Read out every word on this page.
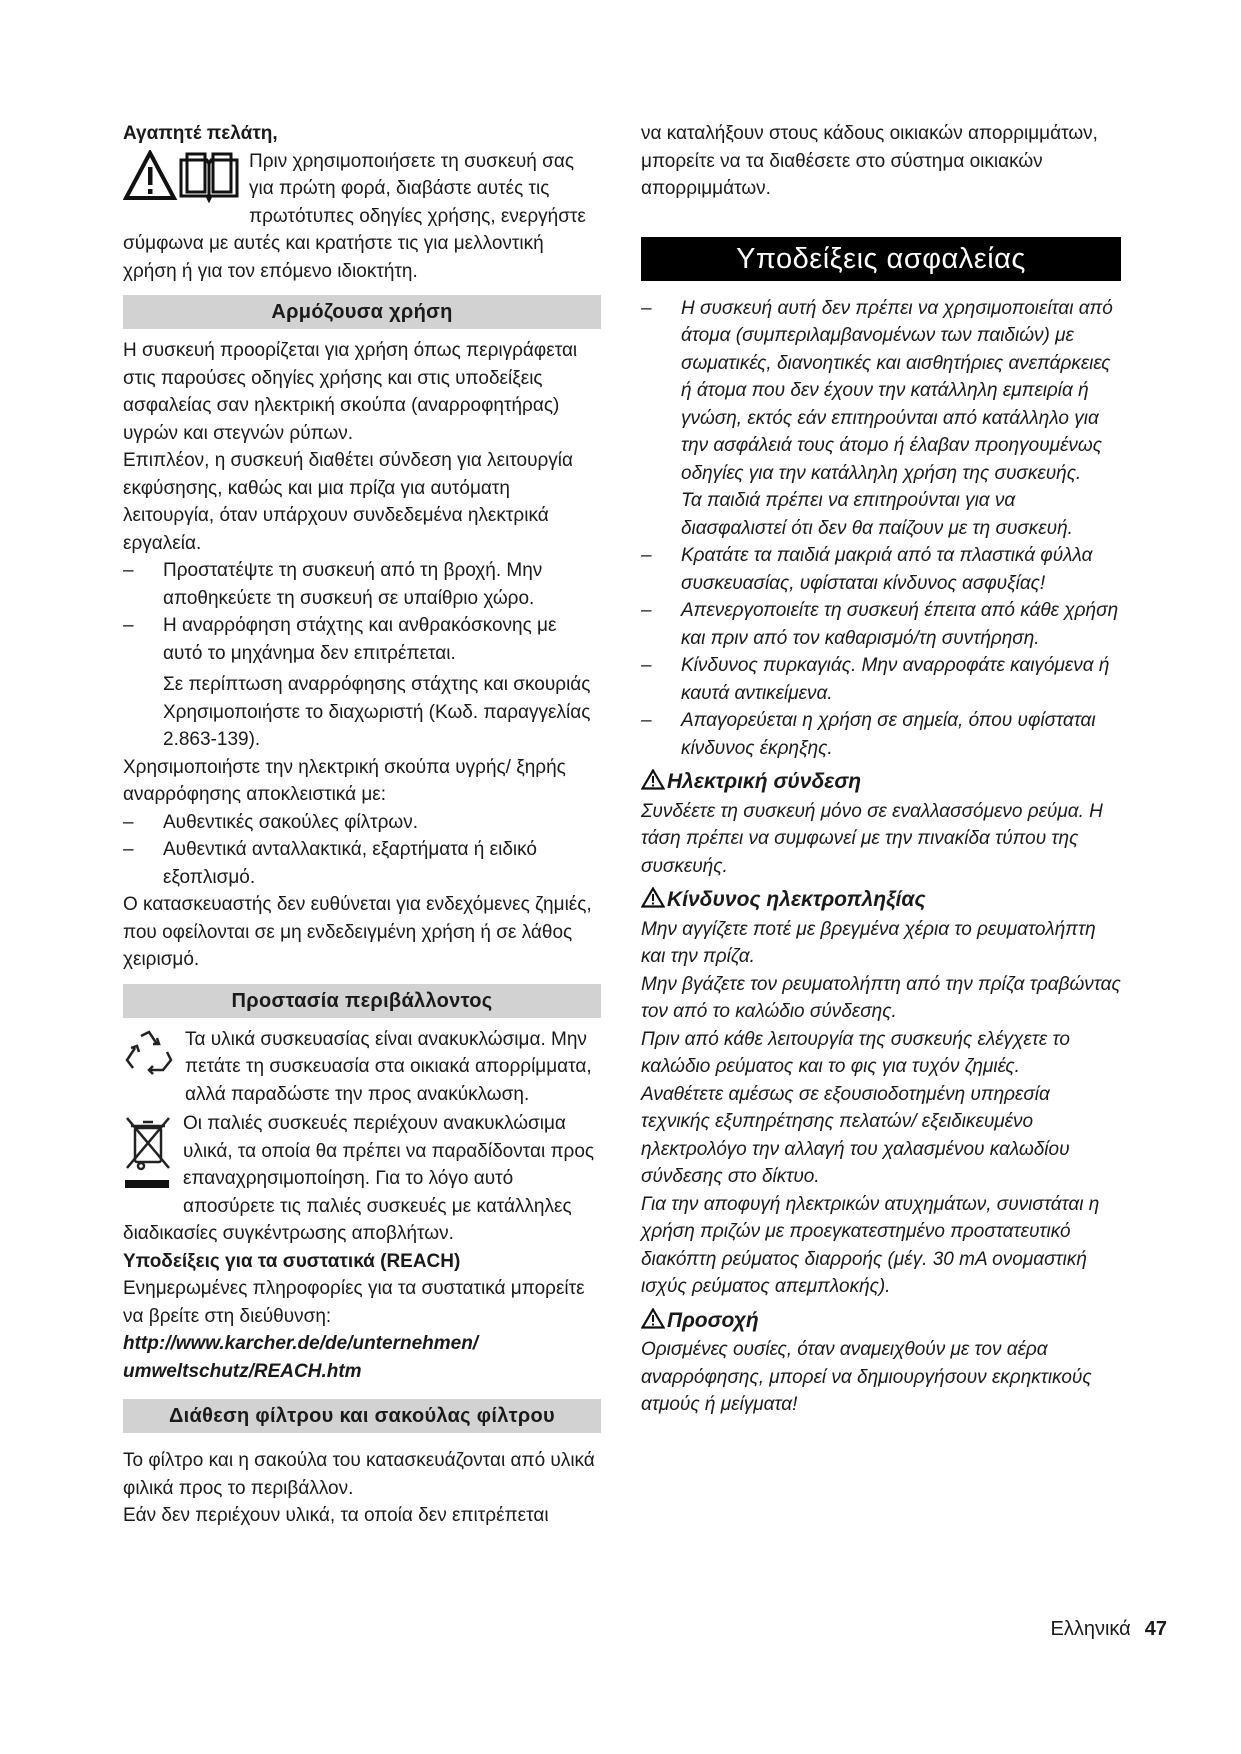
Αγαπητέ πελάτη,

Πριν χρησιμοποιήσετε τη συσκευή σας για πρώτη φορά, διαβάστε αυτές τις πρωτότυπες οδηγίες χρήσης, ενεργήστε σύμφωνα με αυτές και κρατήστε τις για μελλοντική χρήση ή για τον επόμενο ιδιοκτήτη.

Αρμόζουσα χρήση

Η συσκευή προορίζεται για χρήση όπως περιγράφεται στις παρούσες οδηγίες χρήσης και στις υποδείξεις ασφαλείας σαν ηλεκτρική σκούπα (αναρροφητήρας) υγρών και στεγνών ρύπων.

Επιπλέον, η συσκευή διαθέτει σύνδεση για λειτουργία εκφύσησης, καθώς και μια πρίζα για αυτόματη λειτουργία, όταν υπάρχουν συνδεδεμένα ηλεκτρικά εργαλεία.

– Προστατέψτε τη συσκευή από τη βροχή. Μην αποθηκεύετε τη συσκευή σε υπαίθριο χώρο.

– Η αναρρόφηση στάχτης και ανθρακόσκονης με αυτό το μηχάνημα δεν επιτρέπεται.

Σε περίπτωση αναρρόφησης στάχτης και σκουριάς Χρησιμοποιήστε το διαχωριστή (Κωδ. παραγγελίας 2.863-139).

Χρησιμοποιήστε την ηλεκτρική σκούπα υγρής/ ξηρής αναρρόφησης αποκλειστικά με:

– Αυθεντικές σακούλες φίλτρων.

– Αυθεντικά ανταλλακτικά, εξαρτήματα ή ειδικό εξοπλισμό.

Ο κατασκευαστής δεν ευθύνεται για ενδεχόμενες ζημιές, που οφείλονται σε μη ενδεδειγμένη χρήση ή σε λάθος χειρισμό.

Προστασία περιβάλλοντος

Τα υλικά συσκευασίας είναι ανακυκλώσιμα. Μην πετάτε τη συσκευασία στα οικιακά απορρίμματα, αλλά παραδώστε την προς ανακύκλωση.

Οι παλιές συσκευές περιέχουν ανακυκλώσιμα υλικά, τα οποία θα πρέπει να παραδίδονται προς επαναχρησιμοποίηση. Για το λόγο αυτό αποσύρετε τις παλιές συσκευές με κατάλληλες διαδικασίες συγκέντρωσης αποβλήτων.

Υποδείξεις για τα συστατικά (REACH)

Ενημερωμένες πληροφορίες για τα συστατικά μπορείτε να βρείτε στη διεύθυνση:

http://www.karcher.de/de/unternehmen/ umweltschutz/REACH.htm

Διάθεση φίλτρου και σακούλας φίλτρου

Το φίλτρο και η σακούλα του κατασκευάζονται από υλικά φιλικά προς το περιβάλλον.

Εάν δεν περιέχουν υλικά, τα οποία δεν επιτρέπεται

να καταλήξουν στους κάδους οικιακών απορριμμάτων, μπορείτε να τα διαθέσετε στο σύστημα οικιακών απορριμμάτων.

Υποδείξεις ασφαλείας

– Η συσκευή αυτή δεν πρέπει να χρησιμοποιείται από άτομα (συμπεριλαμβανομένων των παιδιών) με σωματικές, διανοητικές και αισθητήριες ανεπάρκειες ή άτομα που δεν έχουν την κατάλληλη εμπειρία ή γνώση, εκτός εάν επιτηρούνται από κατάλληλο για την ασφάλειά τους άτομο ή έλαβαν προηγουμένως οδηγίες για την κατάλληλη χρήση της συσκευής.

Τα παιδιά πρέπει να επιτηρούνται για να διασφαλιστεί ότι δεν θα παίζουν με τη συσκευή.

– Κρατάτε τα παιδιά μακριά από τα πλαστικά φύλλα συσκευασίας, υφίσταται κίνδυνος ασφυξίας!

– Απενεργοποιείτε τη συσκευή έπειτα από κάθε χρήση και πριν από τον καθαρισμό/τη συντήρηση.

– Κίνδυνος πυρκαγιάς. Μην αναρροφάτε καιγόμενα ή καυτά αντικείμενα.

– Απαγορεύεται η χρήση σε σημεία, όπου υφίσταται κίνδυνος έκρηξης.

Ηλεκτρική σύνδεση

Συνδέετε τη συσκευή μόνο σε εναλλασσόμενο ρεύμα. Η τάση πρέπει να συμφωνεί με την πινακίδα τύπου της συσκευής.

Κίνδυνος ηλεκτροπληξίας

Μην αγγίζετε ποτέ με βρεγμένα χέρια το ρευματολήπτη και την πρίζα.

Μην βγάζετε τον ρευματολήπτη από την πρίζα τραβώντας τον από το καλώδιο σύνδεσης.

Πριν από κάθε λειτουργία της συσκευής ελέγχετε το καλώδιο ρεύματος και το φις για τυχόν ζημιές.

Αναθέτετε αμέσως σε εξουσιοδοτημένη υπηρεσία τεχνικής εξυπηρέτησης πελατών/ εξειδικευμένο ηλεκτρολόγο την αλλαγή του χαλασμένου καλωδίου σύνδεσης στο δίκτυο.

Για την αποφυγή ηλεκτρικών ατυχημάτων, συνιστάται η χρήση πριζών με προεγκατεστημένο προστατευτικό διακόπτη ρεύματος διαρροής (μέγ. 30 mA ονομαστική ισχύς ρεύματος απεμπλοκής).

Προσοχή

Ορισμένες ουσίες, όταν αναμειχθούν με τον αέρα αναρρόφησης, μπορεί να δημιουργήσουν εκρηκτικούς ατμούς ή μείγματα!

Ελληνικά 47
